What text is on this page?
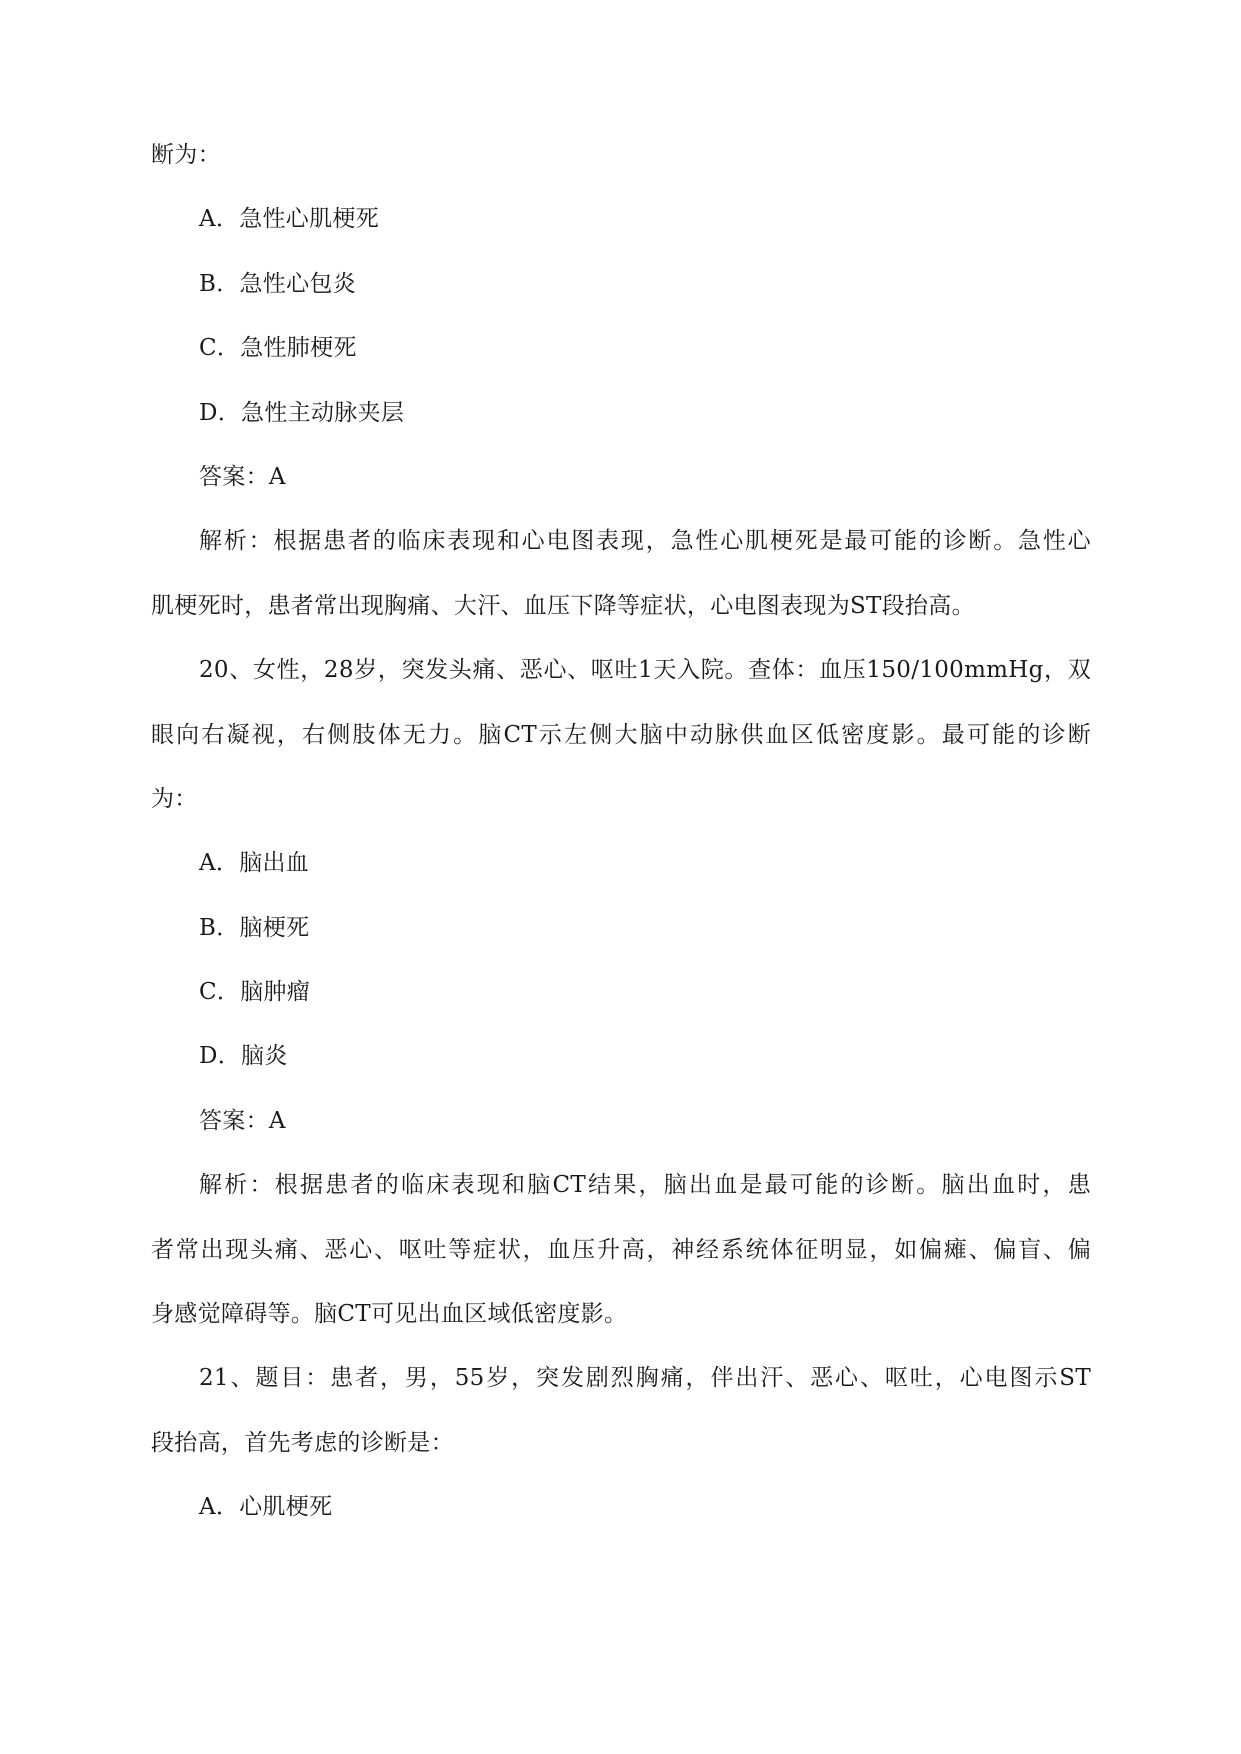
断为：
A．急性心肌梗死
B．急性心包炎
C．急性肺梗死
D．急性主动脉夹层
答案：A
解析：根据患者的临床表现和心电图表现，急性心肌梗死是最可能的诊断。急性心
肌梗死时，患者常出现胸痛、大汗、血压下降等症状，心电图表现为ST段抬高。
20、女性，28岁，突发头痛、恶心、呕吐1天入院。查体：血压150/100mmHg，双
眼向右凝视，右侧肢体无力。脑CT示左侧大脑中动脉供血区低密度影。最可能的诊断
为：
A．脑出血
B．脑梗死
C．脑肿瘤
D．脑炎
答案：A
解析：根据患者的临床表现和脑CT结果，脑出血是最可能的诊断。脑出血时，患
者常出现头痛、恶心、呕吐等症状，血压升高，神经系统体征明显，如偏瘫、偏盲、偏
身感觉障碍等。脑CT可见出血区域低密度影。
21、题目：患者，男，55岁，突发剧烈胸痛，伴出汗、恶心、呕吐，心电图示ST
段抬高，首先考虑的诊断是：
A．心肌梗死
